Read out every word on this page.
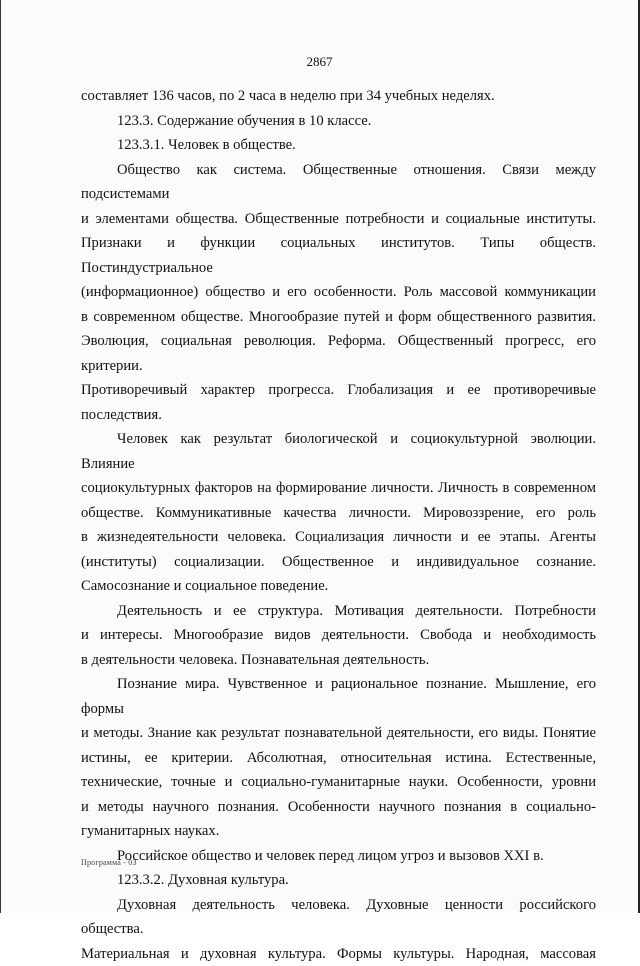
2867
составляет 136 часов, по 2 часа в неделю при 34 учебных неделях.
123.3. Содержание обучения в 10 классе.
123.3.1. Человек в обществе.
Общество как система. Общественные отношения. Связи между подсистемами
и элементами общества. Общественные потребности и социальные институты.
Признаки и функции социальных институтов. Типы обществ. Постиндустриальное
(информационное) общество и его особенности. Роль массовой коммуникации
в современном обществе. Многообразие путей и форм общественного развития.
Эволюция, социальная революция. Реформа. Общественный прогресс, его критерии.
Противоречивый характер прогресса. Глобализация и ее противоречивые
последствия.
Человек как результат биологической и социокультурной эволюции. Влияние
социокультурных факторов на формирование личности. Личность в современном
обществе. Коммуникативные качества личности. Мировоззрение, его роль
в жизнедеятельности человека. Социализация личности и ее этапы. Агенты
(институты) социализации. Общественное и индивидуальное сознание.
Самосознание и социальное поведение.
Деятельность и ее структура. Мотивация деятельности. Потребности
и интересы. Многообразие видов деятельности. Свобода и необходимость
в деятельности человека. Познавательная деятельность.
Познание мира. Чувственное и рациональное познание. Мышление, его формы
и методы. Знание как результат познавательной деятельности, его виды. Понятие
истины, ее критерии. Абсолютная, относительная истина. Естественные,
технические, точные и социально-гуманитарные науки. Особенности, уровни
и методы научного познания. Особенности научного познания в социально-
гуманитарных науках.
Российское общество и человек перед лицом угроз и вызовов XXI в.
123.3.2. Духовная культура.
Духовная деятельность человека. Духовные ценности российского общества.
Материальная и духовная культура. Формы культуры. Народная, массовая
Программа - 03
